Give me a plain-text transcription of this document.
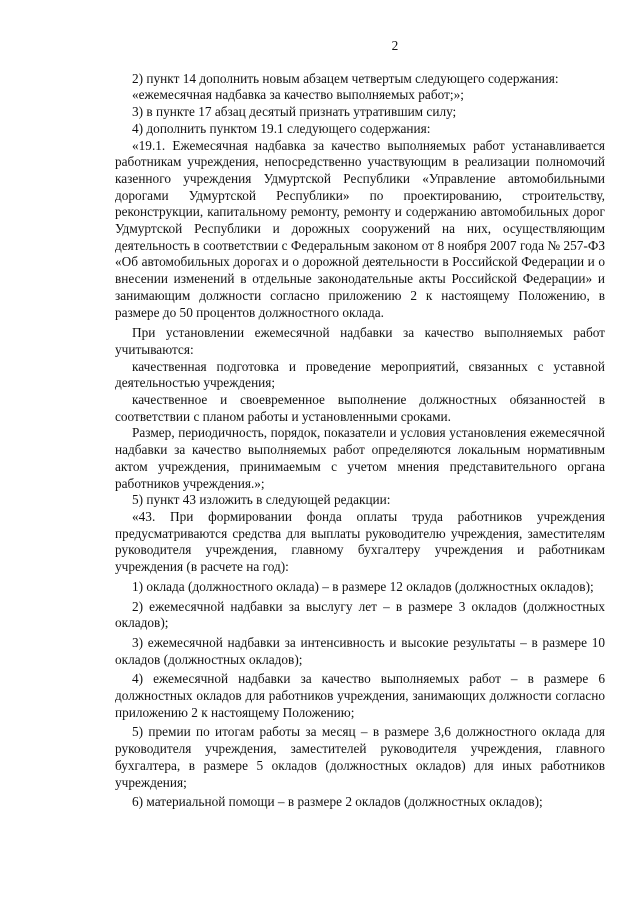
2

2) пункт 14 дополнить новым абзацем четвертым следующего содержания:

«ежемесячная надбавка за качество выполняемых работ;»;

3) в пункте 17 абзац десятый признать утратившим силу;

4) дополнить пунктом 19.1 следующего содержания:

«19.1. Ежемесячная надбавка за качество выполняемых работ устанавливается работникам учреждения, непосредственно участвующим в реализации полномочий казенного учреждения Удмуртской Республики «Управление автомобильными дорогами Удмуртской Республики» по проектированию, строительству, реконструкции, капитальному ремонту, ремонту и содержанию автомобильных дорог Удмуртской Республики и дорожных сооружений на них, осуществляющим деятельность в соответствии с Федеральным законом от 8 ноября 2007 года № 257-ФЗ «Об автомобильных дорогах и о дорожной деятельности в Российской Федерации и о внесении изменений в отдельные законодательные акты Российской Федерации» и занимающим должности согласно приложению 2 к настоящему Положению, в размере до 50 процентов должностного оклада.

При установлении ежемесячной надбавки за качество выполняемых работ учитываются:

качественная подготовка и проведение мероприятий, связанных с уставной деятельностью учреждения;

качественное и своевременное выполнение должностных обязанностей в соответствии с планом работы и установленными сроками.

Размер, периодичность, порядок, показатели и условия установления ежемесячной надбавки за качество выполняемых работ определяются локальным нормативным актом учреждения, принимаемым с учетом мнения представительного органа работников учреждения.»;

5) пункт 43 изложить в следующей редакции:

«43. При формировании фонда оплаты труда работников учреждения предусматриваются средства для выплаты руководителю учреждения, заместителям руководителя учреждения, главному бухгалтеру учреждения и работникам учреждения (в расчете на год):

1) оклада (должностного оклада) – в размере 12 окладов (должностных окладов);

2) ежемесячной надбавки за выслугу лет – в размере 3 окладов (должностных окладов);

3) ежемесячной надбавки за интенсивность и высокие результаты – в размере 10 окладов (должностных окладов);

4) ежемесячной надбавки за качество выполняемых работ – в размере 6 должностных окладов для работников учреждения, занимающих должности согласно приложению 2 к настоящему Положению;

5) премии по итогам работы за месяц – в размере 3,6 должностного оклада для руководителя учреждения, заместителей руководителя учреждения, главного бухгалтера, в размере 5 окладов (должностных окладов) для иных работников учреждения;

6) материальной помощи – в размере 2 окладов (должностных окладов);
